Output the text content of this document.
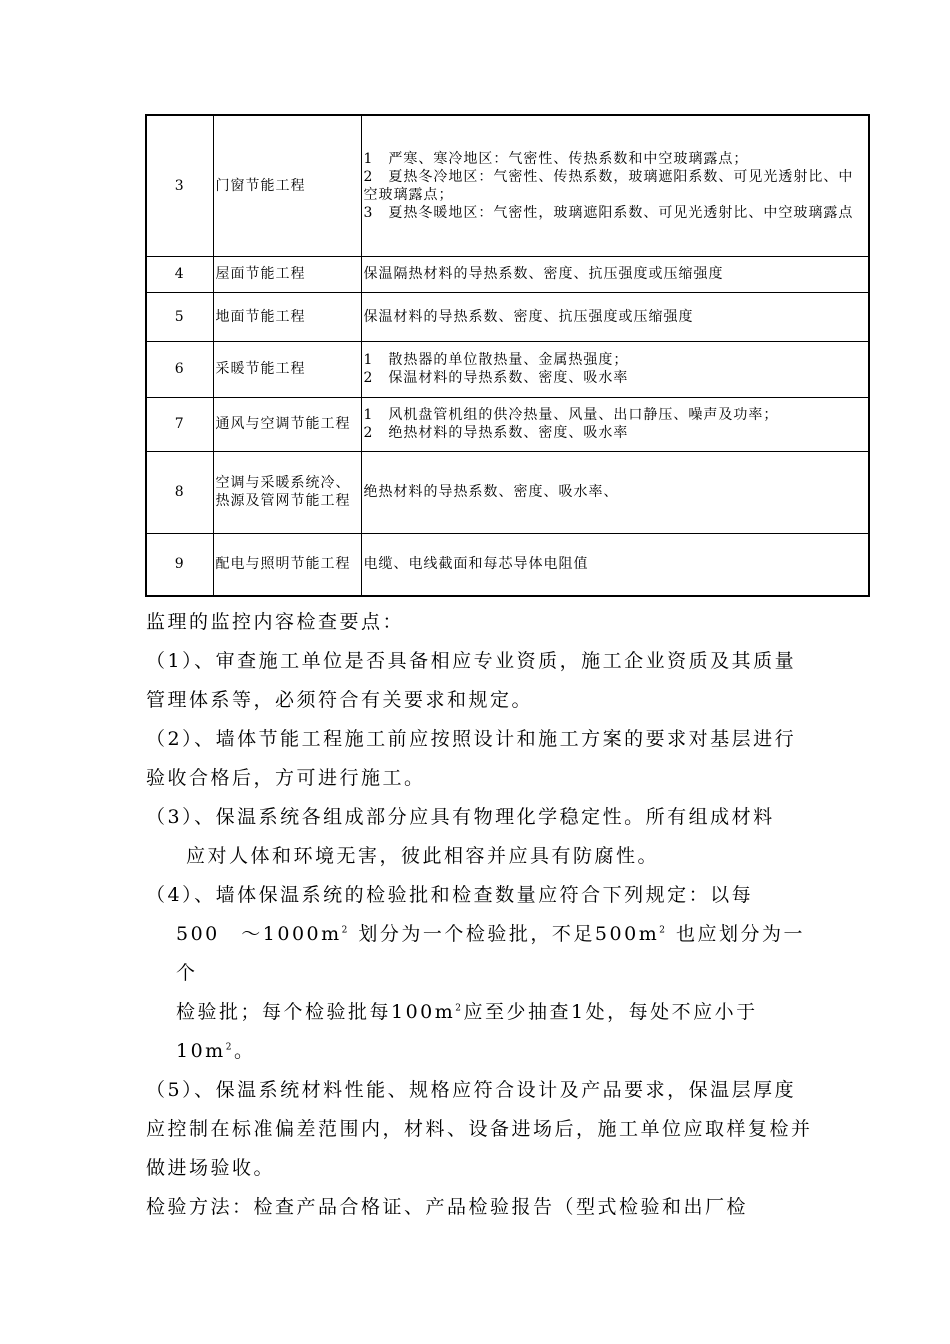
3	门窗节能工程	1　严寒、寒冷地区：气密性、传热系数和中空玻璃露点；
2　夏热冬冷地区：气密性、传热系数，玻璃遮阳系数、可见光透射比、中空玻璃露点；
3　夏热冬暖地区：气密性，玻璃遮阳系数、可见光透射比、中空玻璃露点

4	屋面节能工程	保温隔热材料的导热系数、密度、抗压强度或压缩强度

5	地面节能工程	保温材料的导热系数、密度、抗压强度或压缩强度

6	采暖节能工程	1　散热器的单位散热量、金属热强度；
2　保温材料的导热系数、密度、吸水率

7	通风与空调节能工程	1　风机盘管机组的供冷热量、风量、出口静压、噪声及功率；
2　绝热材料的导热系数、密度、吸水率

8	空调与采暖系统冷、热源及管网节能工程	绝热材料的导热系数、密度、吸水率、

9	配电与照明节能工程	电缆、电线截面和每芯导体电阻值
监理的监控内容检查要点：
（1）、审查施工单位是否具备相应专业资质，施工企业资质及其质量管理体系等，必须符合有关要求和规定。
（2）、墙体节能工程施工前应按照设计和施工方案的要求对基层进行验收合格后，方可进行施工。
（3）、保温系统各组成部分应具有物理化学稳定性。所有组成材料
应对人体和环境无害，彼此相容并应具有防腐性。
（4）、墙体保温系统的检验批和检查数量应符合下列规定：以每
500　$\sim 1000m^2$ 划分为一个检验批，不足$500m^2$ 也应划分为一个
检验批；每个检验批每$100m^2$应至少抽查1处，每处不应小于
$10m^2$。
（5）、保温系统材料性能、规格应符合设计及产品要求，保温层厚度应控制在标准偏差范围内，材料、设备进场后，施工单位应取样复检并做进场验收。
检验方法：检查产品合格证、产品检验报告（型式检验和出厂检
